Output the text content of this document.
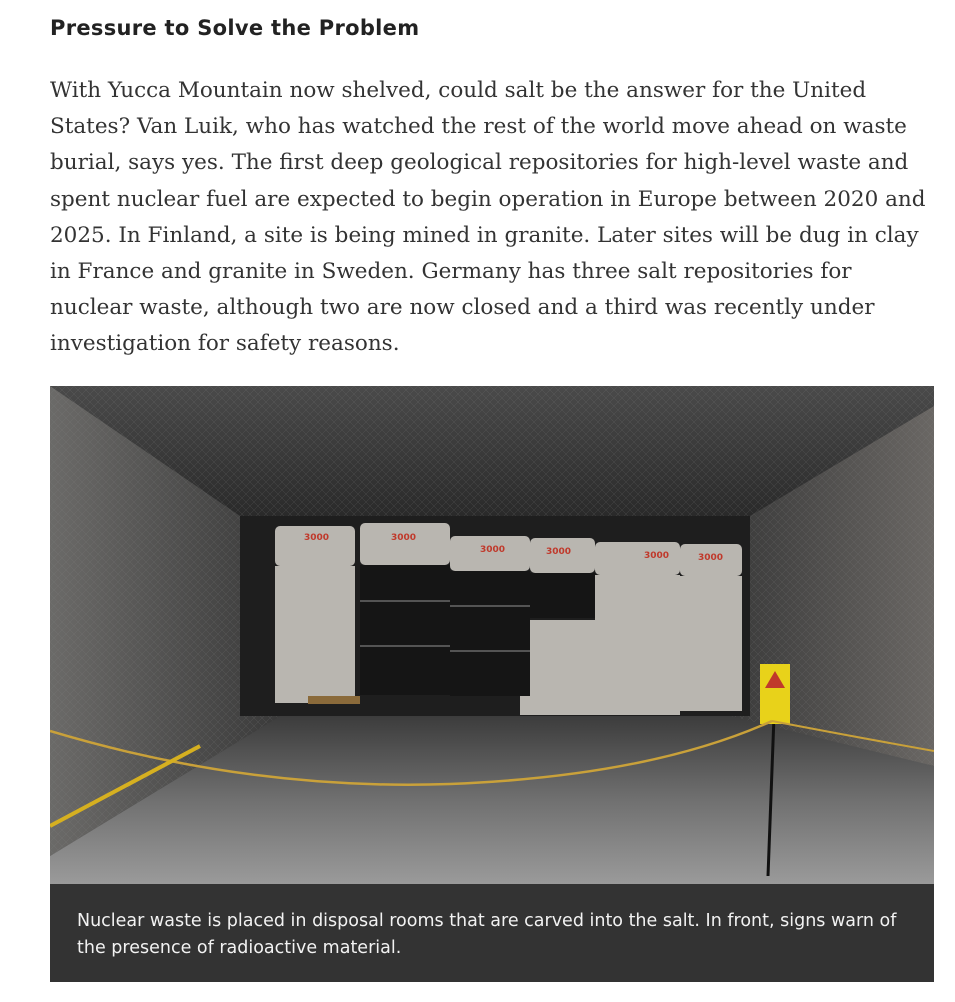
Pressure to Solve the Problem

With Yucca Mountain now shelved, could salt be the answer for the United States? Van Luik, who has watched the rest of the world move ahead on waste burial, says yes. The first deep geological repositories for high-level waste and spent nuclear fuel are expected to begin operation in Europe between 2020 and 2025. In Finland, a site is being mined in granite. Later sites will be dug in clay in France and granite in Sweden. Germany has three salt repositories for nuclear waste, although two are now closed and a third was recently under investigation for safety reasons.

3000	3000
3000	3000	3000	3000
Nuclear waste is placed in disposal rooms that are carved into the salt. In front, signs warn of the presence of radioactive material.
